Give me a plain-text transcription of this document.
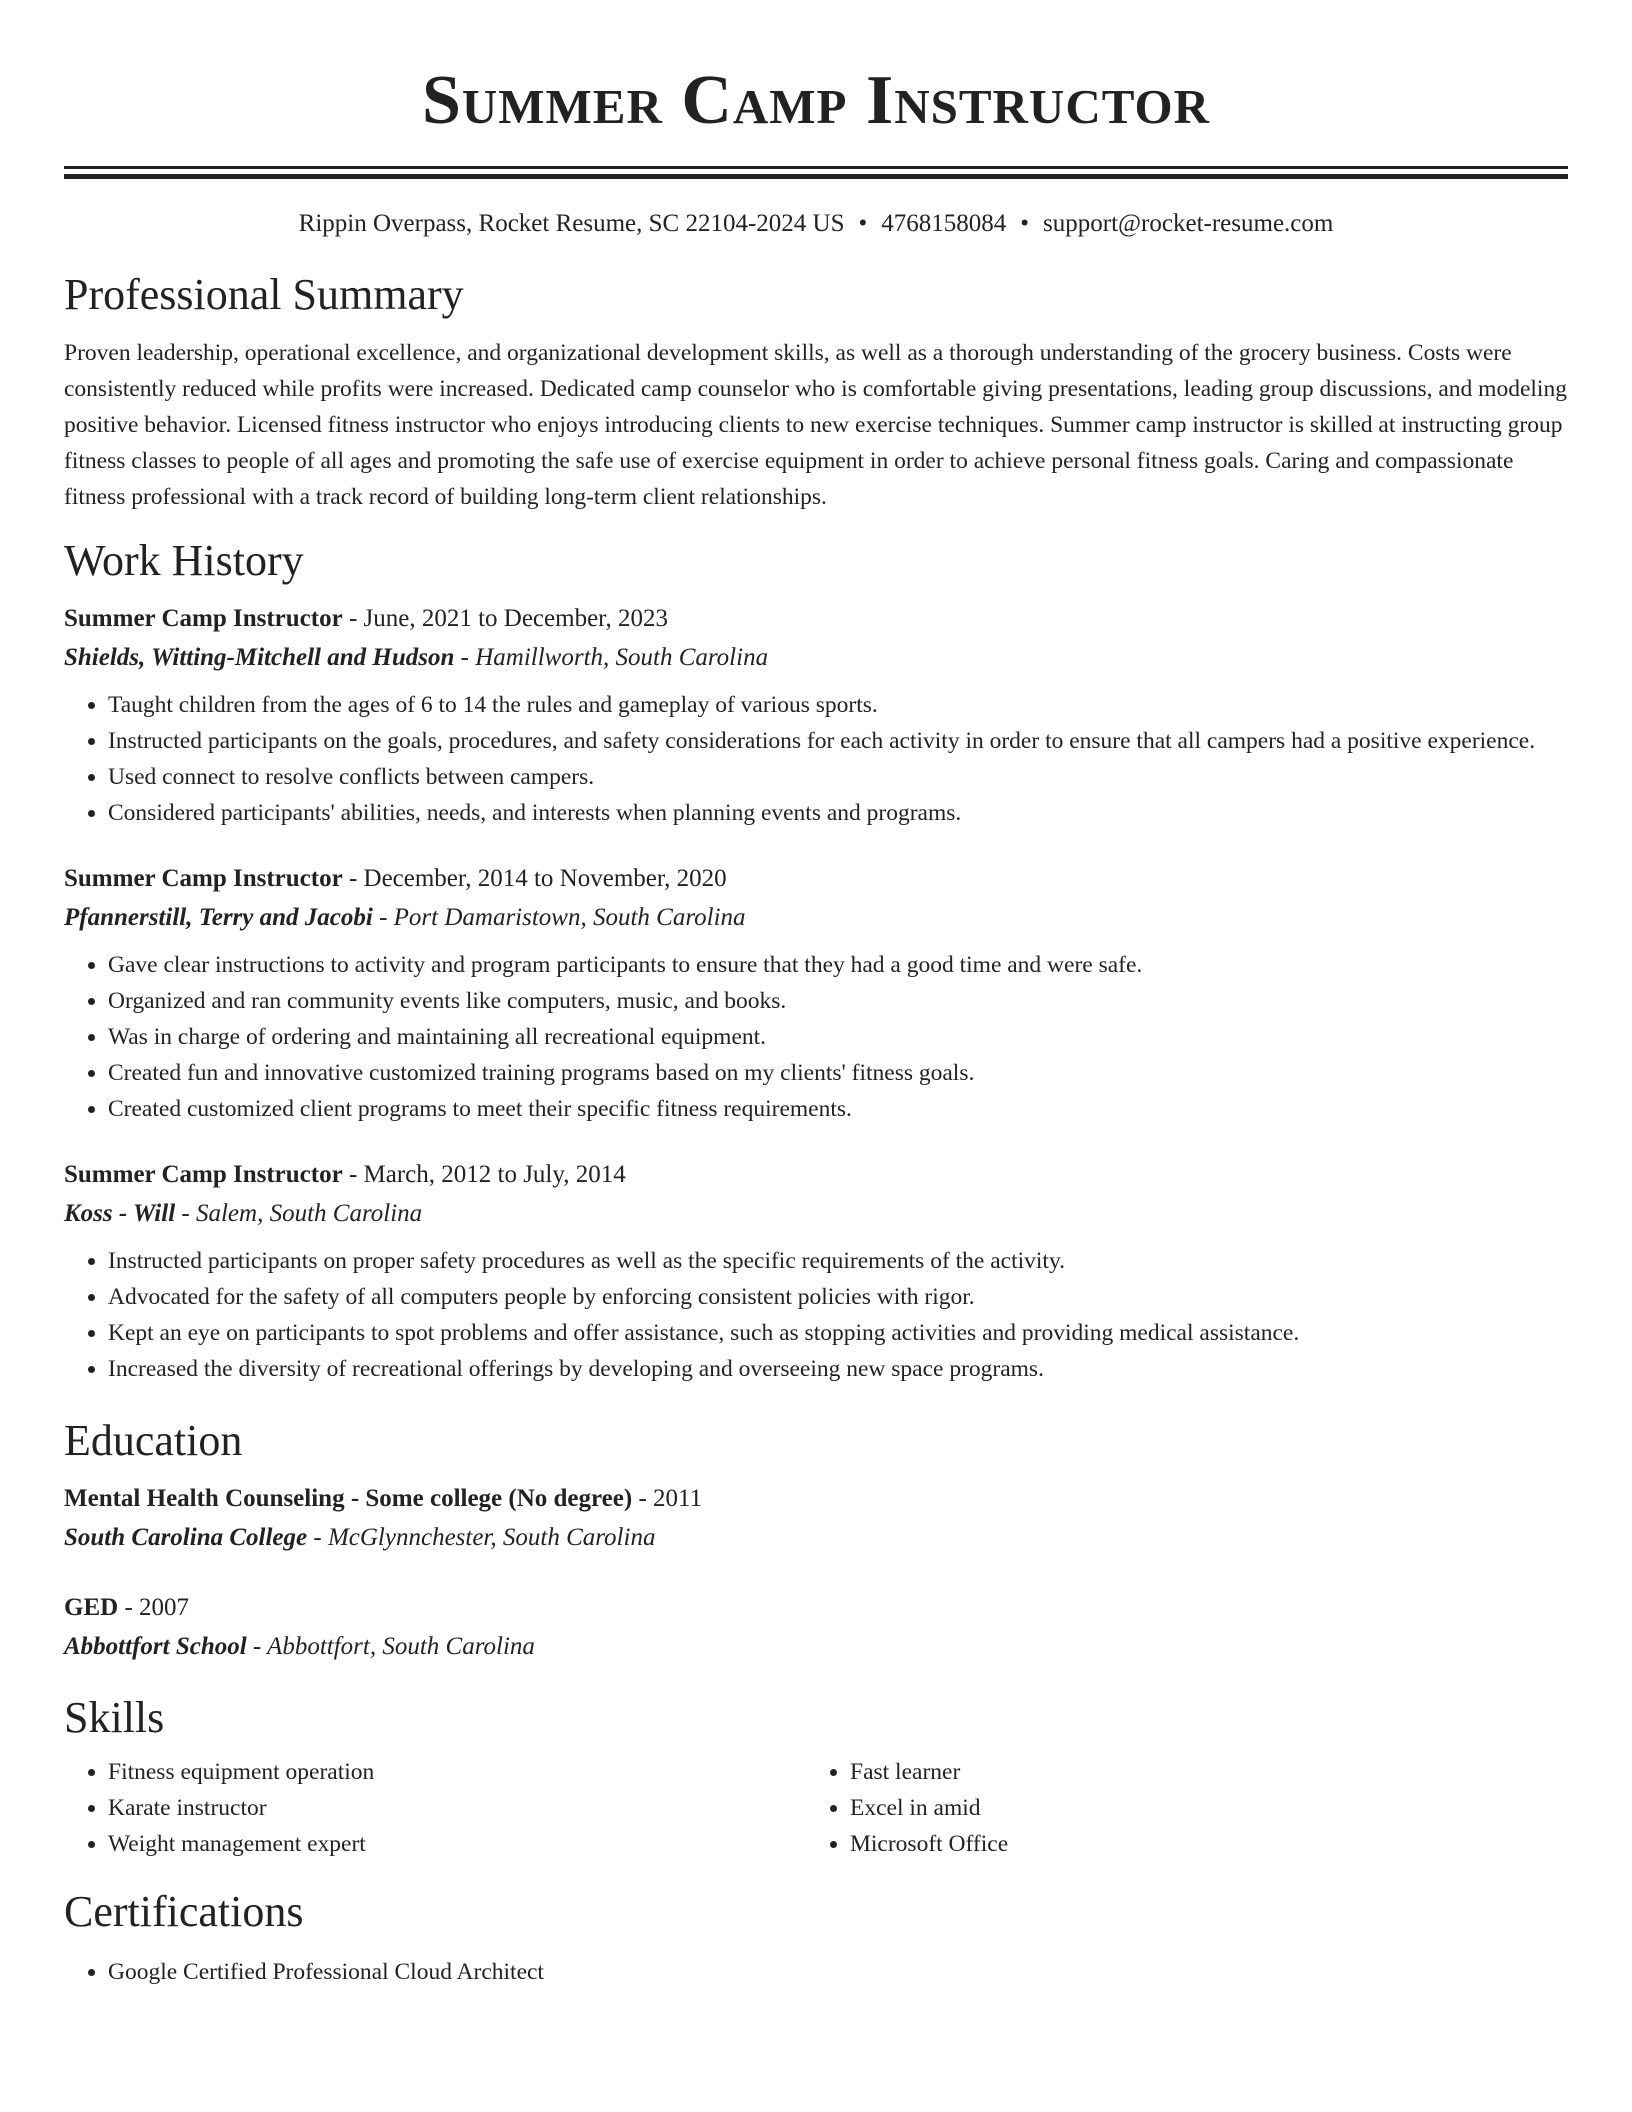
Summer Camp Instructor
Rippin Overpass, Rocket Resume, SC 22104-2024 US • 4768158084 • support@rocket-resume.com
Professional Summary

Proven leadership, operational excellence, and organizational development skills, as well as a thorough understanding of the grocery business. Costs were consistently reduced while profits were increased. Dedicated camp counselor who is comfortable giving presentations, leading group discussions, and modeling positive behavior. Licensed fitness instructor who enjoys introducing clients to new exercise techniques. Summer camp instructor is skilled at instructing group fitness classes to people of all ages and promoting the safe use of exercise equipment in order to achieve personal fitness goals. Caring and compassionate fitness professional with a track record of building long-term client relationships.

Work History
Summer Camp Instructor - June, 2021 to December, 2023
Shields, Witting-Mitchell and Hudson - Hamillworth, South Carolina
• Taught children from the ages of 6 to 14 the rules and gameplay of various sports.
• Instructed participants on the goals, procedures, and safety considerations for each activity in order to ensure that all campers had a positive experience.
• Used connect to resolve conflicts between campers.
• Considered participants' abilities, needs, and interests when planning events and programs.
Summer Camp Instructor - December, 2014 to November, 2020
Pfannerstill, Terry and Jacobi - Port Damaristown, South Carolina
• Gave clear instructions to activity and program participants to ensure that they had a good time and were safe.
• Organized and ran community events like computers, music, and books.
• Was in charge of ordering and maintaining all recreational equipment.
• Created fun and innovative customized training programs based on my clients' fitness goals.
• Created customized client programs to meet their specific fitness requirements.
Summer Camp Instructor - March, 2012 to July, 2014
Koss - Will - Salem, South Carolina
• Instructed participants on proper safety procedures as well as the specific requirements of the activity.
• Advocated for the safety of all computers people by enforcing consistent policies with rigor.
• Kept an eye on participants to spot problems and offer assistance, such as stopping activities and providing medical assistance.
• Increased the diversity of recreational offerings by developing and overseeing new space programs.
Education
Mental Health Counseling - Some college (No degree) - 2011
South Carolina College - McGlynnchester, South Carolina
GED - 2007
Abbottfort School - Abbottfort, South Carolina
Skills
• Fitness equipment operation
• Karate instructor
• Weight management expert
• Fast learner
• Excel in amid
• Microsoft Office
Certifications
• Google Certified Professional Cloud Architect
